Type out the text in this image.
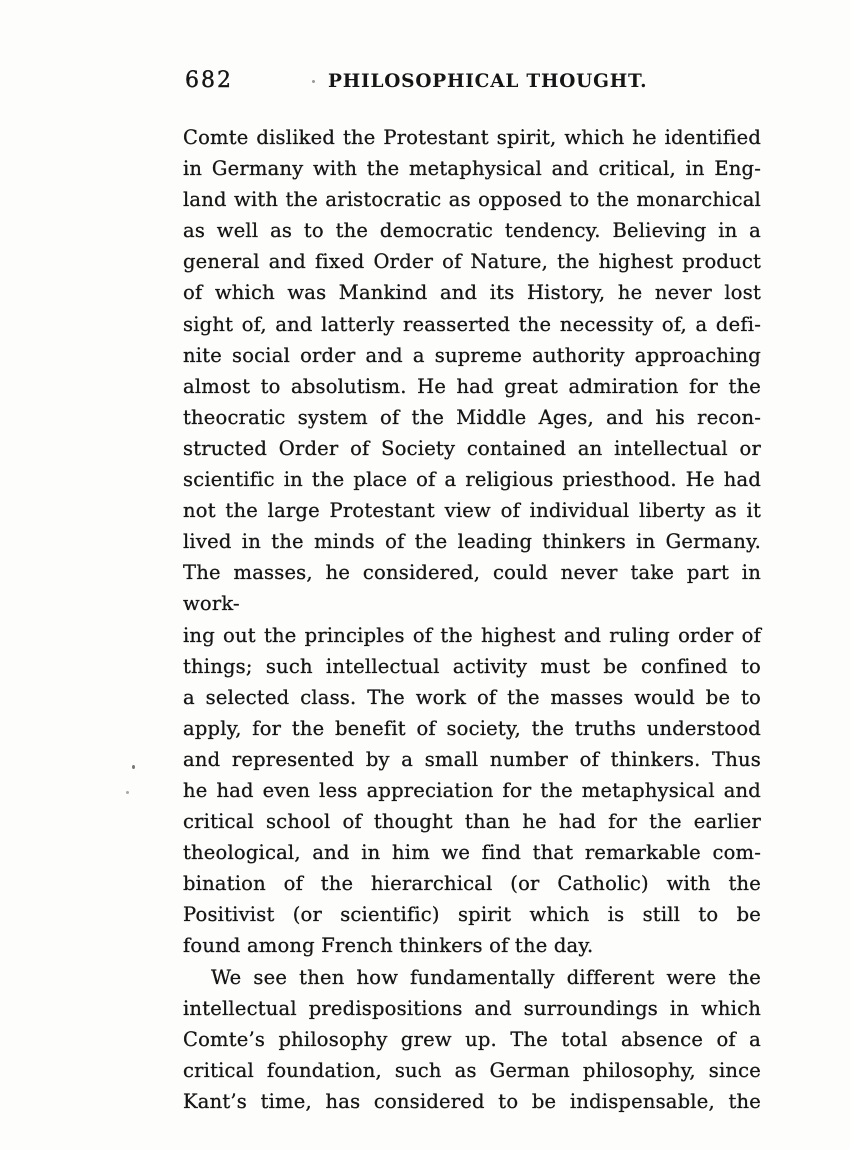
682	PHILOSOPHICAL THOUGHT.
Comte disliked the Protestant spirit, which he identified
in Germany with the metaphysical and critical, in Eng-
land with the aristocratic as opposed to the monarchical
as well as to the democratic tendency. Believing in a
general and fixed Order of Nature, the highest product
of which was Mankind and its History, he never lost
sight of, and latterly reasserted the necessity of, a defi-
nite social order and a supreme authority approaching
almost to absolutism. He had great admiration for the
theocratic system of the Middle Ages, and his recon-
structed Order of Society contained an intellectual or
scientific in the place of a religious priesthood. He had
not the large Protestant view of individual liberty as it
lived in the minds of the leading thinkers in Germany.
The masses, he considered, could never take part in work-
ing out the principles of the highest and ruling order of
things; such intellectual activity must be confined to
a selected class. The work of the masses would be to
apply, for the benefit of society, the truths understood
and represented by a small number of thinkers. Thus
he had even less appreciation for the metaphysical and
critical school of thought than he had for the earlier
theological, and in him we find that remarkable com-
bination of the hierarchical (or Catholic) with the
Positivist (or scientific) spirit which is still to be
found among French thinkers of the day.
We see then how fundamentally different were the
intellectual predispositions and surroundings in which
Comte’s philosophy grew up. The total absence of a
critical foundation, such as German philosophy, since
Kant’s time, has considered to be indispensable, the
